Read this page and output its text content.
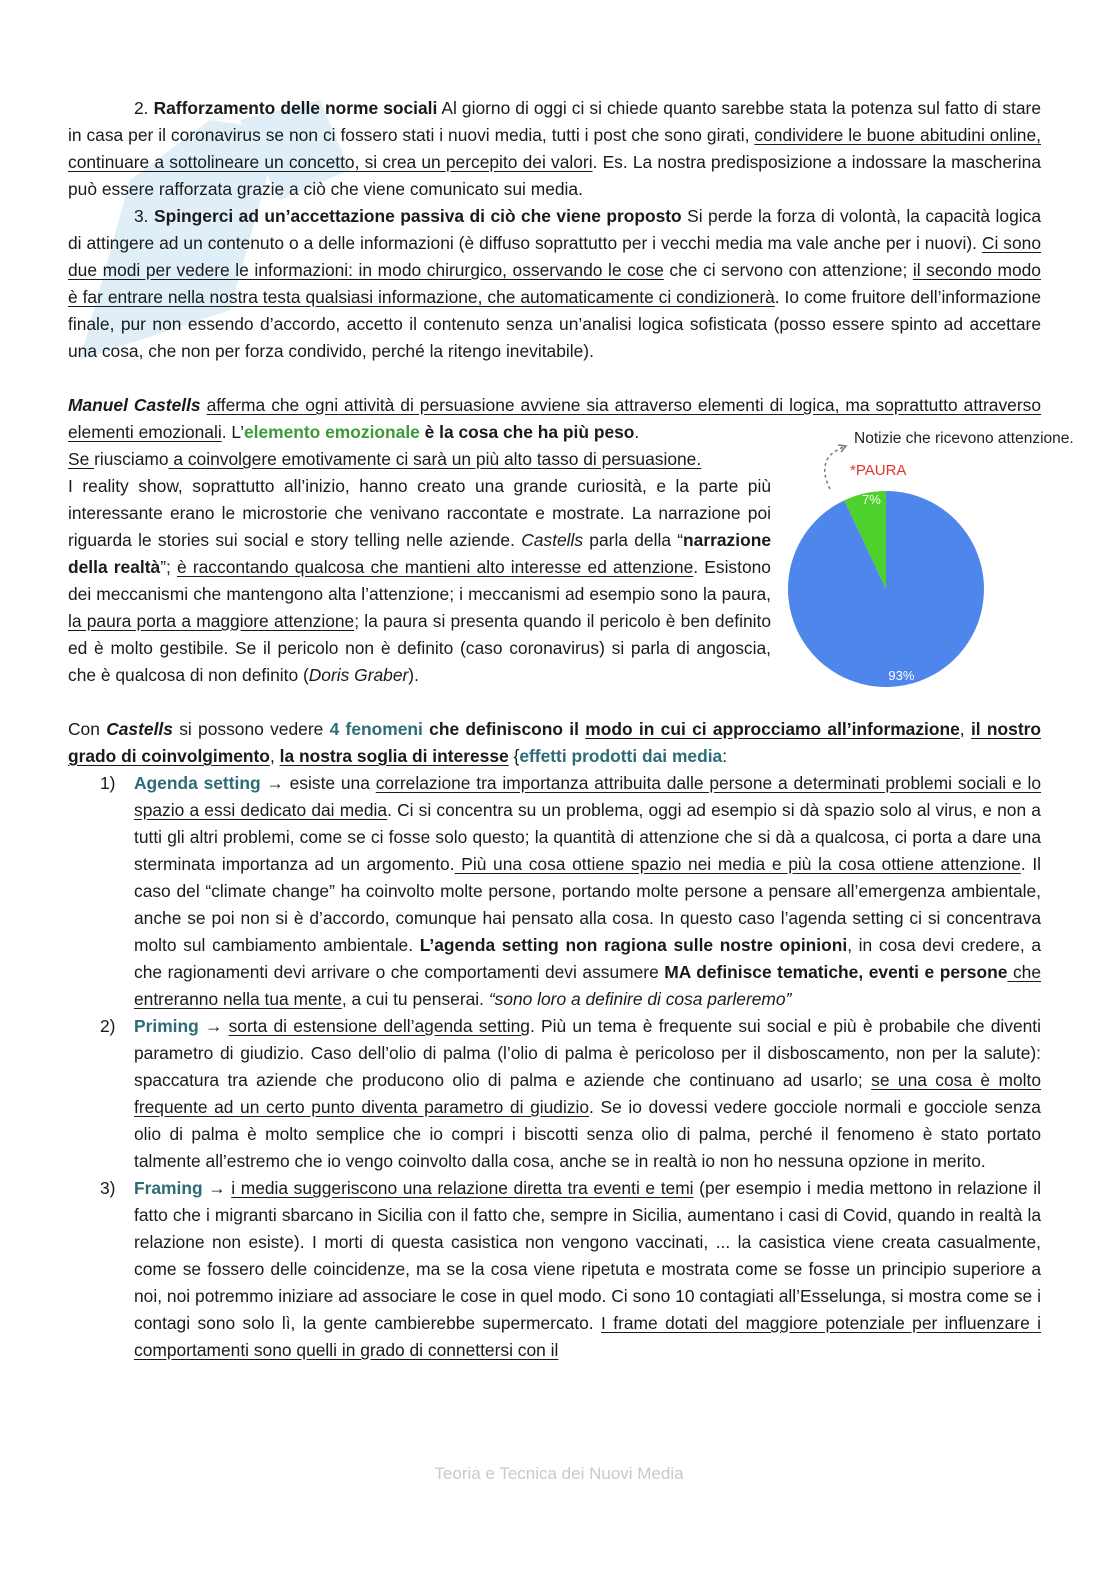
2. Rafforzamento delle norme sociali Al giorno di oggi ci si chiede quanto sarebbe stata la potenza sul fatto di stare in casa per il coronavirus se non ci fossero stati i nuovi media, tutti i post che sono girati, condividere le buone abitudini online, continuare a sottolineare un concetto, si crea un percepito dei valori. Es. La nostra predisposizione a indossare la mascherina può essere rafforzata grazie a ciò che viene comunicato sui media.

3. Spingerci ad un’accettazione passiva di ciò che viene proposto Si perde la forza di volontà, la capacità logica di attingere ad un contenuto o a delle informazioni (è diffuso soprattutto per i vecchi media ma vale anche per i nuovi). Ci sono due modi per vedere le informazioni: in modo chirurgico, osservando le cose che ci servono con attenzione; il secondo modo è far entrare nella nostra testa qualsiasi informazione, che automaticamente ci condizionerà. Io come fruitore dell’informazione finale, pur non essendo d’accordo, accetto il contenuto senza un’analisi logica sofisticata (posso essere spinto ad accettare una cosa, che non per forza condivido, perché la ritengo inevitabile).

Manuel Castells afferma che ogni attività di persuasione avviene sia attraverso elementi di logica, ma soprattutto attraverso elementi emozionali. L’elemento emozionale è la cosa che ha più peso.

Se riusciamo a coinvolgere emotivamente ci sarà un più alto tasso di persuasione.
I reality show, soprattutto all’inizio, hanno creato una grande curiosità, e la parte più interessante erano le microstorie che venivano raccontate e mostrate. La narrazione poi riguarda le stories sui social e story telling nelle aziende. Castells parla della “narrazione della realtà”; è raccontando qualcosa che mantieni alto interesse ed attenzione. Esistono dei meccanismi che mantengono alta l’attenzione; i meccanismi ad esempio sono la paura, la paura porta a maggiore attenzione; la paura si presenta quando il pericolo è ben definito ed è molto gestibile. Se il pericolo non è definito (caso coronavirus) si parla di angoscia, che è qualcosa di non definito (Doris Graber).

Notizie che ricevono attenzione.
*PAURA
7%
93%

Con Castells si possono vedere 4 fenomeni che definiscono il modo in cui ci approcciamo all’informazione, il nostro grado di coinvolgimento, la nostra soglia di interesse {effetti prodotti dai media:

1) Agenda setting → esiste una correlazione tra importanza attribuita dalle persone a determinati problemi sociali e lo spazio a essi dedicato dai media. Ci si concentra su un problema, oggi ad esempio si dà spazio solo al virus, e non a tutti gli altri problemi, come se ci fosse solo questo; la quantità di attenzione che si dà a qualcosa, ci porta a dare una sterminata importanza ad un argomento. Più una cosa ottiene spazio nei media e più la cosa ottiene attenzione. Il caso del “climate change” ha coinvolto molte persone, portando molte persone a pensare all’emergenza ambientale, anche se poi non si è d’accordo, comunque hai pensato alla cosa. In questo caso l’agenda setting ci si concentrava molto sul cambiamento ambientale. L’agenda setting non ragiona sulle nostre opinioni, in cosa devi credere, a che ragionamenti devi arrivare o che comportamenti devi assumere MA definisce tematiche, eventi e persone che entreranno nella tua mente, a cui tu penserai. “sono loro a definire di cosa parleremo”
2) Priming → sorta di estensione dell’agenda setting. Più un tema è frequente sui social e più è probabile che diventi parametro di giudizio. Caso dell’olio di palma (l’olio di palma è pericoloso per il disboscamento, non per la salute): spaccatura tra aziende che producono olio di palma e aziende che continuano ad usarlo; se una cosa è molto frequente ad un certo punto diventa parametro di giudizio. Se io dovessi vedere gocciole normali e gocciole senza olio di palma è molto semplice che io compri i biscotti senza olio di palma, perché il fenomeno è stato portato talmente all’estremo che io vengo coinvolto dalla cosa, anche se in realtà io non ho nessuna opzione in merito.
3) Framing → i media suggeriscono una relazione diretta tra eventi e temi (per esempio i media mettono in relazione il fatto che i migranti sbarcano in Sicilia con il fatto che, sempre in Sicilia, aumentano i casi di Covid, quando in realtà la relazione non esiste). I morti di questa casistica non vengono vaccinati, ... la casistica viene creata casualmente, come se fossero delle coincidenze, ma se la cosa viene ripetuta e mostrata come se fosse un principio superiore a noi, noi potremmo iniziare ad associare le cose in quel modo. Ci sono 10 contagiati all’Esselunga, si mostra come se i contagi sono solo lì, la gente cambierebbe supermercato. I frame dotati del maggiore potenziale per influenzare i comportamenti sono quelli in grado di connettersi con il
Teoria e Tecnica dei Nuovi Media
